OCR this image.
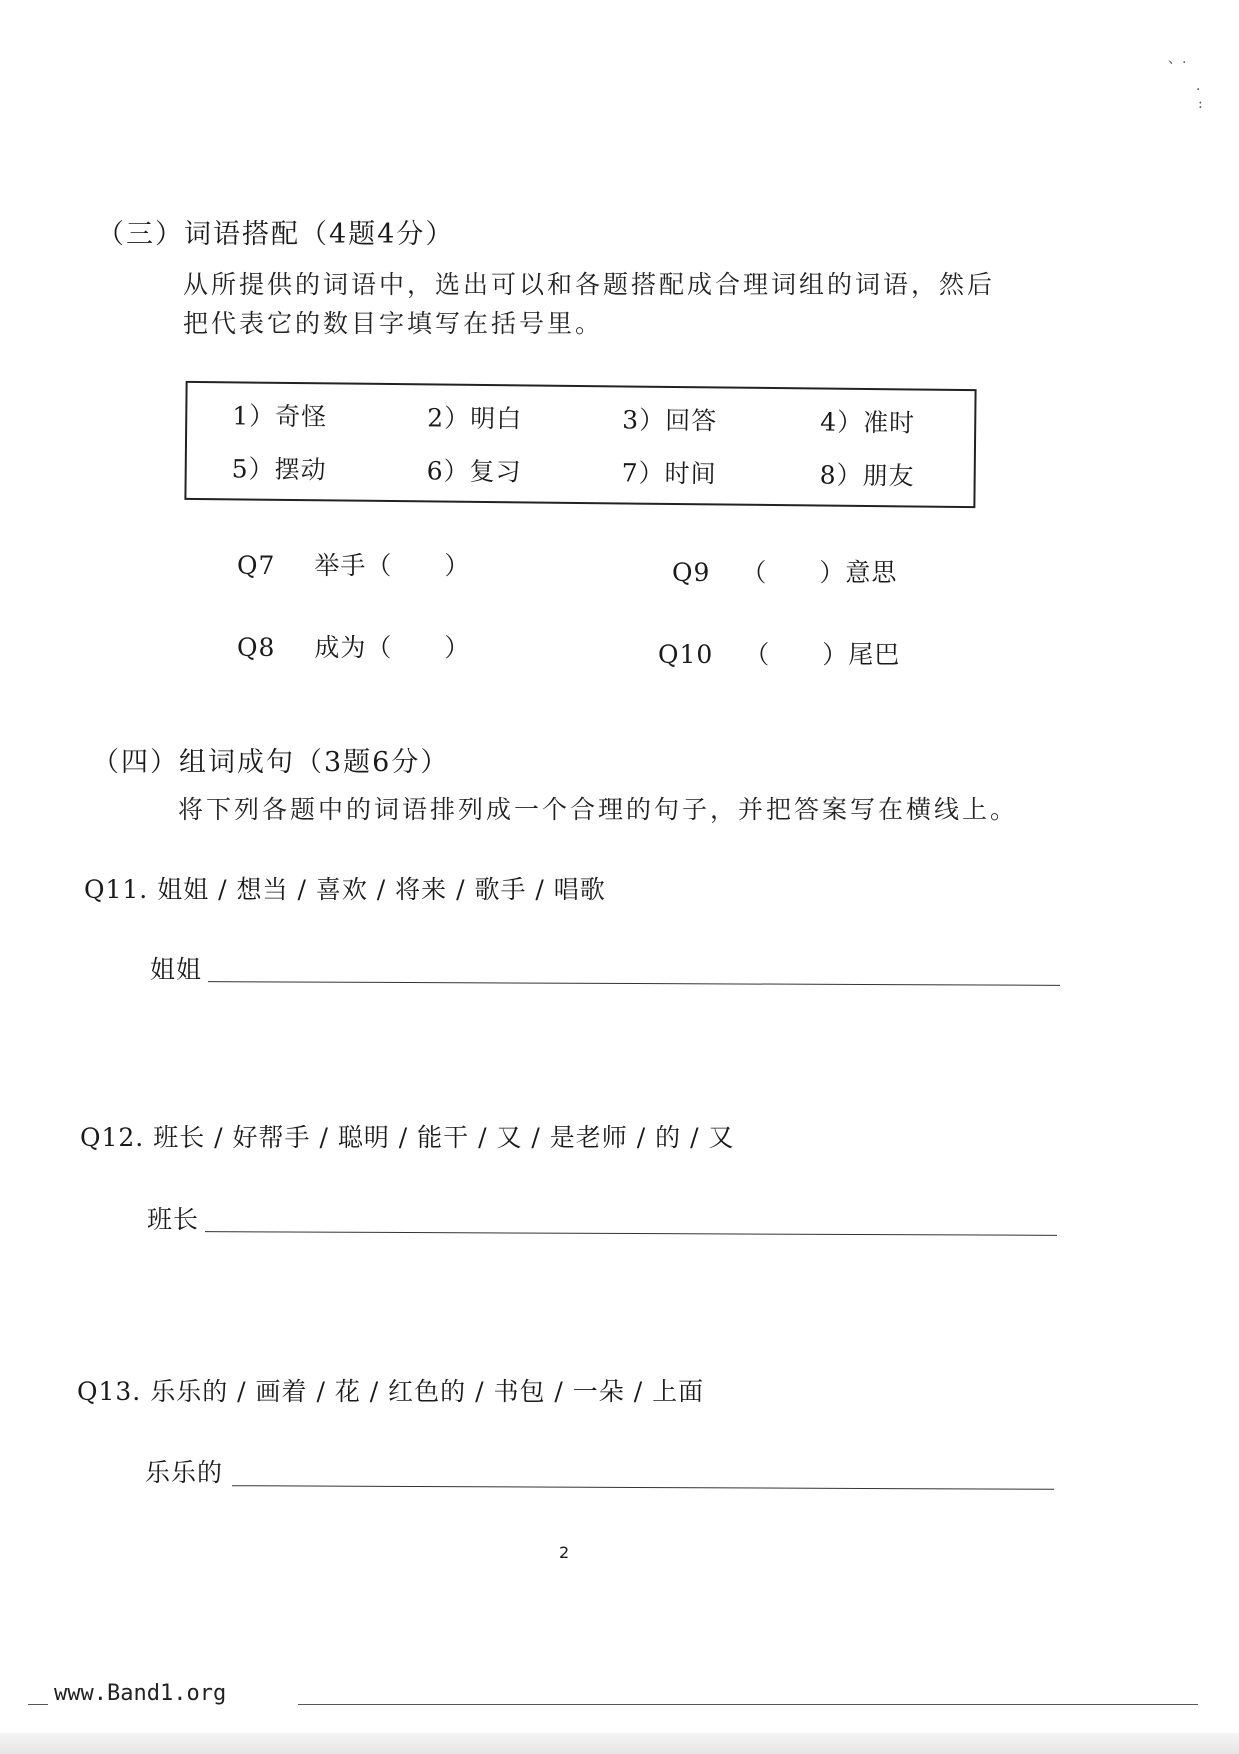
、.
.
:
（三）词语搭配（4题4分）
从所提供的词语中，选出可以和各题搭配成合理词组的词语，然后
把代表它的数目字填写在括号里。
1）奇怪	2）明白	3）回答	4）准时
5）摆动	6）复习	7）时间	8）朋友
Q7 举手（　　）
Q8 成为（　　）
Q9 （　　）意思
Q10 （　　）尾巴
（四）组词成句（3题6分）
将下列各题中的词语排列成一个合理的句子，并把答案写在横线上。
Q11. 姐姐 / 想当 / 喜欢 / 将来 / 歌手 / 唱歌
姐姐
Q12. 班长 / 好帮手 / 聪明 / 能干 / 又 / 是老师 / 的 / 又
班长
Q13. 乐乐的 / 画着 / 花 / 红色的 / 书包 / 一朵 / 上面
乐乐的
2
www.Band1.org
